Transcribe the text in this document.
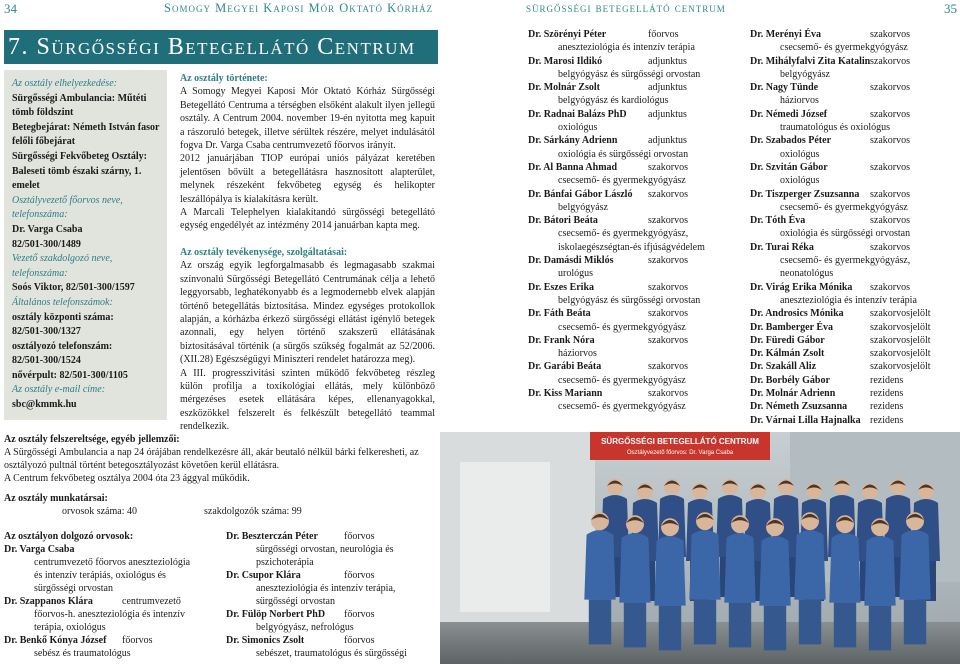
34	Somogy Megyei Kaposi Mór Oktató Kórház	sürgősségi betegellátó centrum	35
7. Sürgősségi Betegellátó Centrum

Az osztály elhelyezkedése:

Sürgősségi Ambulancia: Műtéti tömb földszint

Betegbejárat: Németh István fasor felőli főbejárat

Sürgősségi Fekvőbeteg Osztály: Baleseti tömb északi szárny, 1. emelet

Osztályvezető főorvos neve, telefonszáma:

Dr. Varga Csaba

82/501-300/1489

Vezető szakdolgozó neve, telefonszáma:

Soós Viktor, 82/501-300/1597

Általános telefonszámok:

osztály központi száma:

82/501-300/1327

osztályozó telefonszám:

82/501-300/1524

nővérpult: 82/501-300/1105

Az osztály e-mail címe:

sbc@kmmk.hu

Az osztály története:

A Somogy Megyei Kaposi Mór Oktató Kórház Sürgősségi Betegellátó Centruma a térségben elsőként alakult ilyen jellegű osztály. A Centrum 2004. november 19-én nyitotta meg kapuit a rászoruló betegek, illetve sérültek részére, melyet indulásától fogva Dr. Varga Csaba centrumvezető főorvos irányít.

2012 januárjában TIOP európai uniós pályázat keretében jelentősen bővült a betegellátásra hasznosított alapterület, melynek részeként fekvőbeteg egység és helikopter leszállópálya is kialakításra került.

A Marcali Telephelyen kialakítandó sürgősségi betegellátó egység engedélyét az intézmény 2014 januárban kapta meg.

Az osztály tevékenysége, szolgáltatásai:

Az ország egyik legforgalmasabb és legmagasabb szakmai színvonalú Sürgősségi Betegellátó Centrumának célja a lehető leggyorsabb, leghatékonyabb és a legmodernebb elvek alapján történő betegellátás biztosítása. Mindez egységes protokollok alapján, a kórházba érkező sürgősségi ellátást igénylő betegek azonnali, egy helyen történő szakszerű ellátásának biztosításával történik (a sürgős szükség fogalmát az 52/2006.(XII.28) Egészségügyi Miniszteri rendelet határozza meg).

A III. progresszivitási szinten működő fekvőbeteg részleg külön profilja a toxikológiai ellátás, mely különböző mérgezéses esetek ellátására képes, ellenanyagokkal, eszközökkel felszerelt és felkészült betegellátó teammal rendelkezik.

Dr. Szörényi Péter	főorvos
aneszteziológia és intenzív terápia
Dr. Marosi Ildikó	adjunktus
belgyógyász és sürgősségi orvostan
Dr. Molnár Zsolt	adjunktus
belgyógyász és kardiológus
Dr. Radnai Balázs PhD adjunktus
oxiológus
Dr. Sárkány Adrienn	adjunktus
oxiológia és sürgősségi orvostan
Dr. Al Banna Ahmad	szakorvos
csecsemő- és gyermekgyógyász
Dr. Bánfai Gábor László szakorvos
belgyógyász
Dr. Bátori Beáta	szakorvos
csecsemő- és gyermekgyógyász,
iskolaegészségtan-és ifjúságvédelem
Dr. Damásdi Miklós	szakorvos
urológus
Dr. Eszes Erika	szakorvos
belgyógyász és sürgősségi orvostan
Dr. Fáth Beáta	szakorvos
csecsemő- és gyermekgyógyász
Dr. Frank Nóra	szakorvos
háziorvos
Dr. Garábi Beáta	szakorvos
csecsemő- és gyermekgyógyász
Dr. Kiss Mariann	szakorvos
csecsemő- és gyermekgyógyász
Dr. Merényi Éva	szakorvos
csecsemő- és gyermekgyógyász
Dr. Mihályfalvi Zita Katalin szakorvos
belgyógyász
Dr. Nagy Tünde	szakorvos
háziorvos
Dr. Némedi József	szakorvos
traumatológus és oxiológus
Dr. Szabados Péter	szakorvos
oxiológus
Dr. Szvitán Gábor	szakorvos
oxiológus
Dr. Tiszperger Zsuzsanna szakorvos
csecsemő- és gyermekgyógyász
Dr. Tóth Éva	szakorvos
oxiológia és sürgősségi orvostan
Dr. Turai Réka	szakorvos
csecsemő- és gyermekgyógyász,
neonatológus
Dr. Virág Erika Mónika szakorvos
aneszteziológia és intenzív terápia
Dr. Androsics Mónika	szakorvosjelölt
Dr. Bamberger Éva	szakorvosjelölt
Dr. Füredi Gábor	szakorvosjelölt
Dr. Kálmán Zsolt	szakorvosjelölt
Dr. Szakáll Aliz	szakorvosjelölt
Dr. Borbély Gábor	rezidens
Dr. Molnár Adrienn	rezidens
Dr. Németh Zsuzsanna rezidens
Dr. Várnai Lilla Hajnalka rezidens

Az osztály felszereltsége, egyéb jellemzői:

A Sürgősségi Ambulancia a nap 24 órájában rendelkezésre áll, akár beutaló nélkül bárki felkeresheti, az osztályozó pultnál történt betegosztályozást követően kerül ellátásra.

A Centrum fekvőbeteg osztálya 2004 óta 23 ággyal működik.

Az osztály munkatársai:

orvosok száma: 40	szakdolgozók száma: 99
Az osztályon dolgozó orvosok:
Dr. Varga Csaba
centrumvezető főorvos aneszteziológia
és intenzív terápiás, oxiológus és
sürgősségi orvostan
Dr. Szappanos Klára	centrumvezető
főorvos-h. aneszteziológia és intenzív
terápia, oxiológus
Dr. Benkő Kónya József főorvos
sebész és traumatológus
Dr. Beszterczán Péter	főorvos
sürgősségi orvostan, neurológia és
pszichoterápia
Dr. Csupor Klára	főorvos
aneszteziológia és intenzív terápia,
sürgősségi orvostan
Dr. Fülöp Norbert PhD főorvos
belgyógyász, nefrológus
Dr. Simonics Zsolt	főorvos
sebészet, traumatológus és sürgősségi
SÜRGŐSSÉGI BETEGELLÁTÓ CENTRUM
Osztályvezető főorvos: Dr. Varga Csaba
